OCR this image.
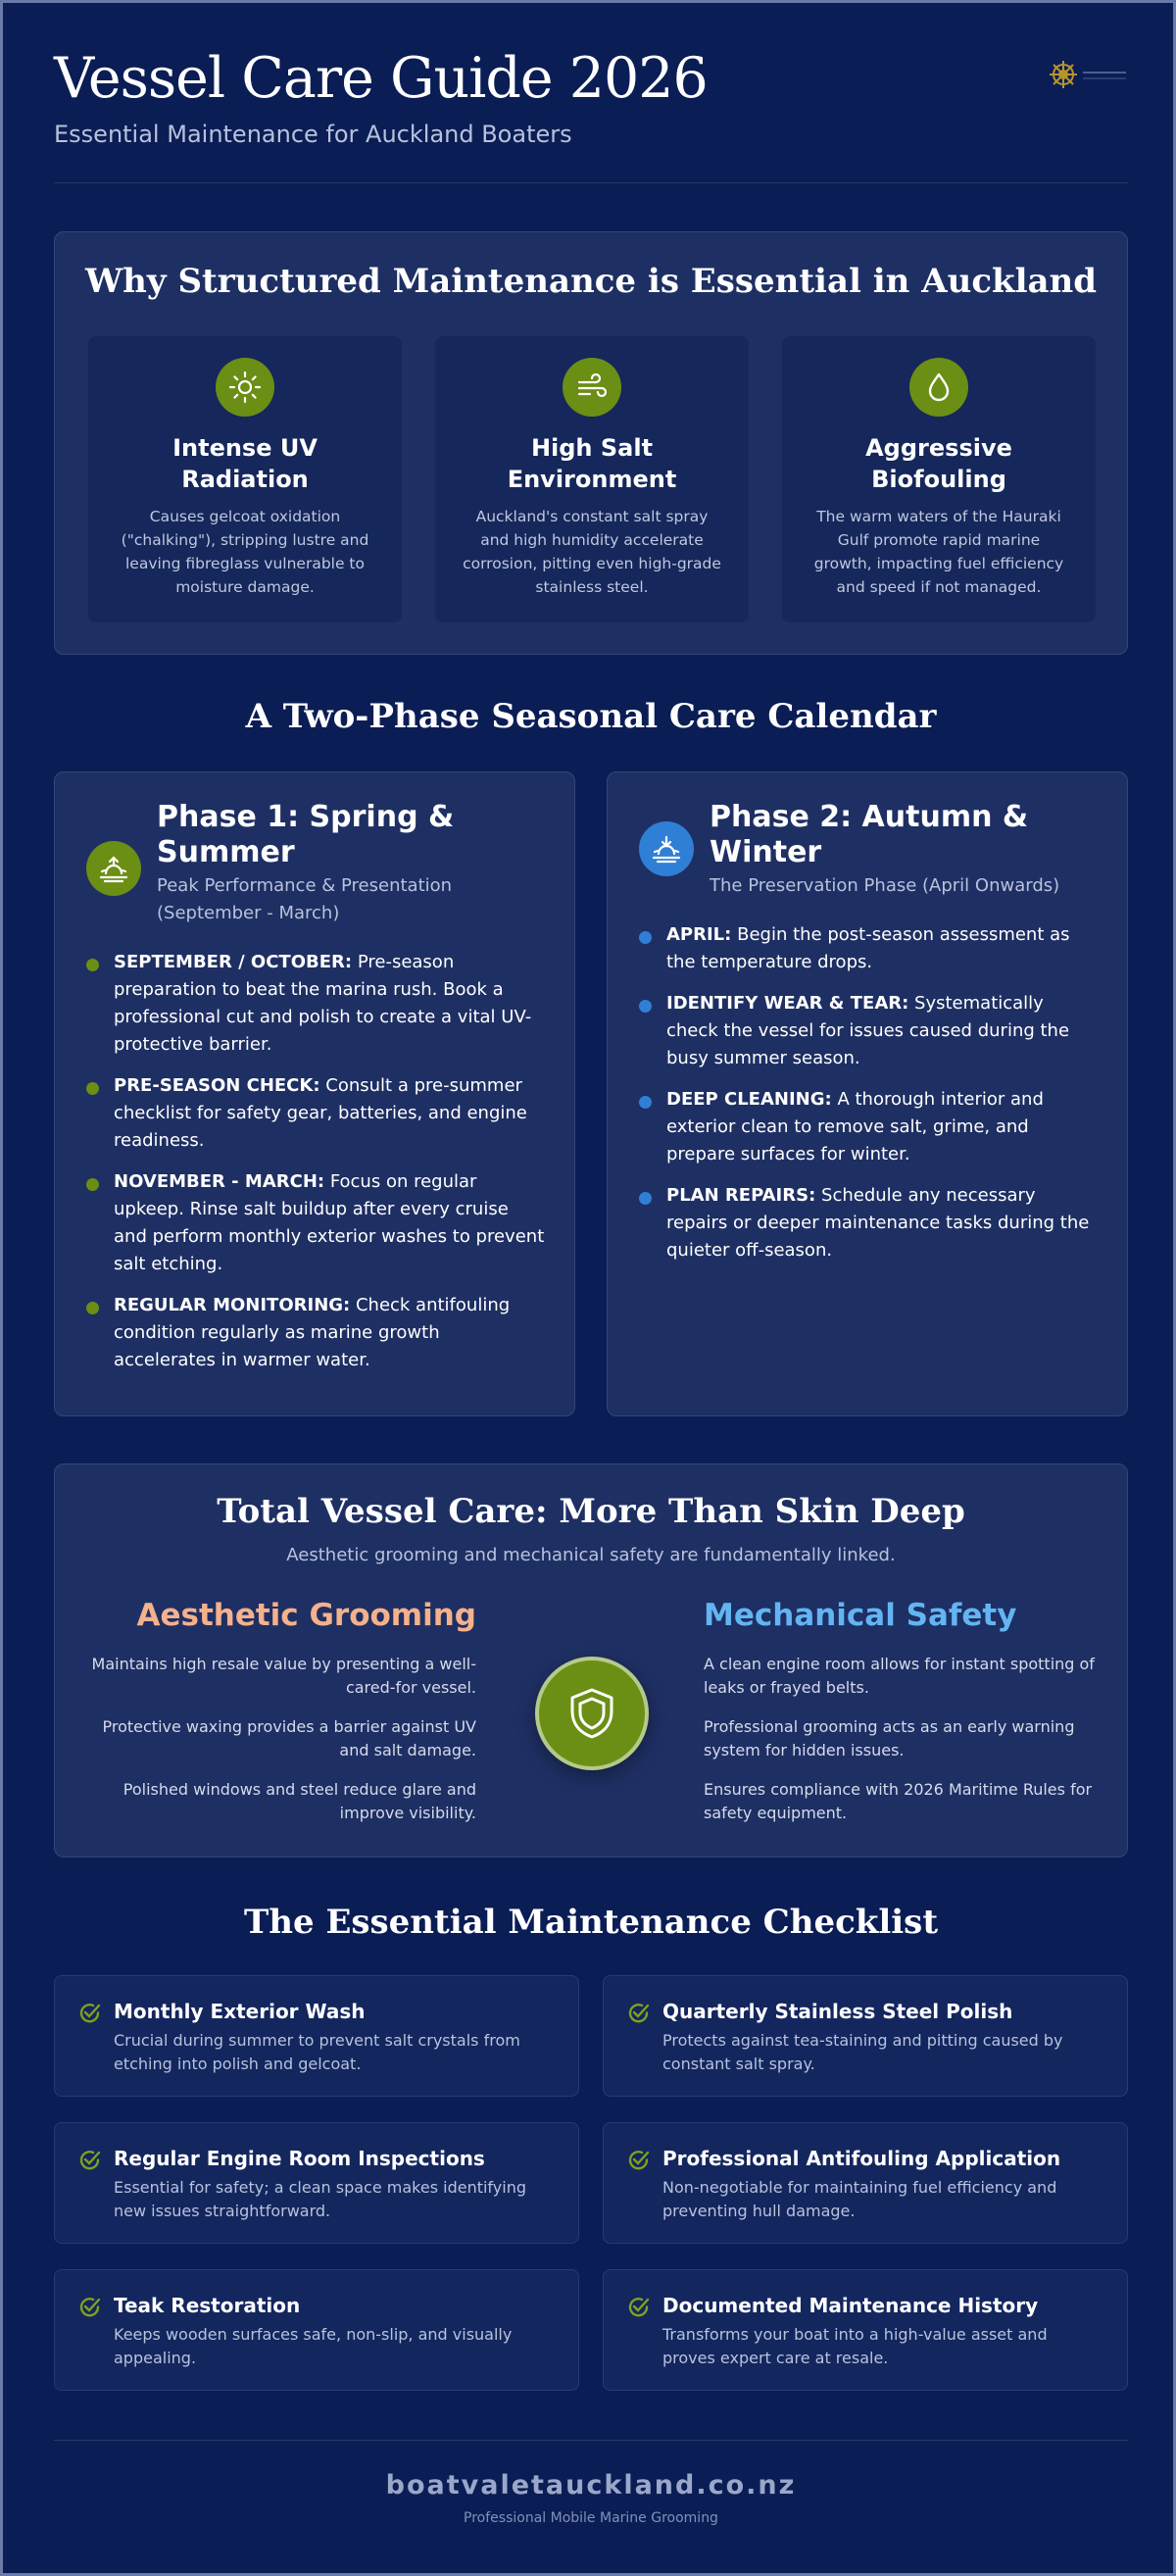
Vessel Care Guide 2026
Essential Maintenance for Auckland Boaters
Why Structured Maintenance is Essential in Auckland
Intense UV Radiation

Causes gelcoat oxidation ("chalking"), stripping lustre and leaving fibreglass vulnerable to moisture damage.

High Salt Environment

Auckland's constant salt spray and high humidity accelerate corrosion, pitting even high-grade stainless steel.

Aggressive Biofouling

The warm waters of the Hauraki Gulf promote rapid marine growth, impacting fuel efficiency and speed if not managed.

A Two-Phase Seasonal Care Calendar
Phase 1: Spring & Summer
Peak Performance & Presentation (September - March)
SEPTEMBER / OCTOBER: Pre-season preparation to beat the marina rush. Book a professional cut and polish to create a vital UV-protective barrier.
PRE-SEASON CHECK: Consult a pre-summer checklist for safety gear, batteries, and engine readiness.
NOVEMBER - MARCH: Focus on regular upkeep. Rinse salt buildup after every cruise and perform monthly exterior washes to prevent salt etching.
REGULAR MONITORING: Check antifouling condition regularly as marine growth accelerates in warmer water.
Phase 2: Autumn & Winter
The Preservation Phase (April Onwards)
APRIL: Begin the post-season assessment as the temperature drops.
IDENTIFY WEAR & TEAR: Systematically check the vessel for issues caused during the busy summer season.
DEEP CLEANING: A thorough interior and exterior clean to remove salt, grime, and prepare surfaces for winter.
PLAN REPAIRS: Schedule any necessary repairs or deeper maintenance tasks during the quieter off-season.
Total Vessel Care: More Than Skin Deep
Aesthetic grooming and mechanical safety are fundamentally linked.
Aesthetic Grooming

Maintains high resale value by presenting a well-cared-for vessel.

Protective waxing provides a barrier against UV and salt damage.

Polished windows and steel reduce glare and improve visibility.

Mechanical Safety

A clean engine room allows for instant spotting of leaks or frayed belts.

Professional grooming acts as an early warning system for hidden issues.

Ensures compliance with 2026 Maritime Rules for safety equipment.

The Essential Maintenance Checklist
Monthly Exterior Wash

Crucial during summer to prevent salt crystals from etching into polish and gelcoat.

Quarterly Stainless Steel Polish

Protects against tea-staining and pitting caused by constant salt spray.

Regular Engine Room Inspections

Essential for safety; a clean space makes identifying new issues straightforward.

Professional Antifouling Application

Non-negotiable for maintaining fuel efficiency and preventing hull damage.

Teak Restoration

Keeps wooden surfaces safe, non-slip, and visually appealing.

Documented Maintenance History

Transforms your boat into a high-value asset and proves expert care at resale.

boatvaletauckland.co.nz
Professional Mobile Marine Grooming
